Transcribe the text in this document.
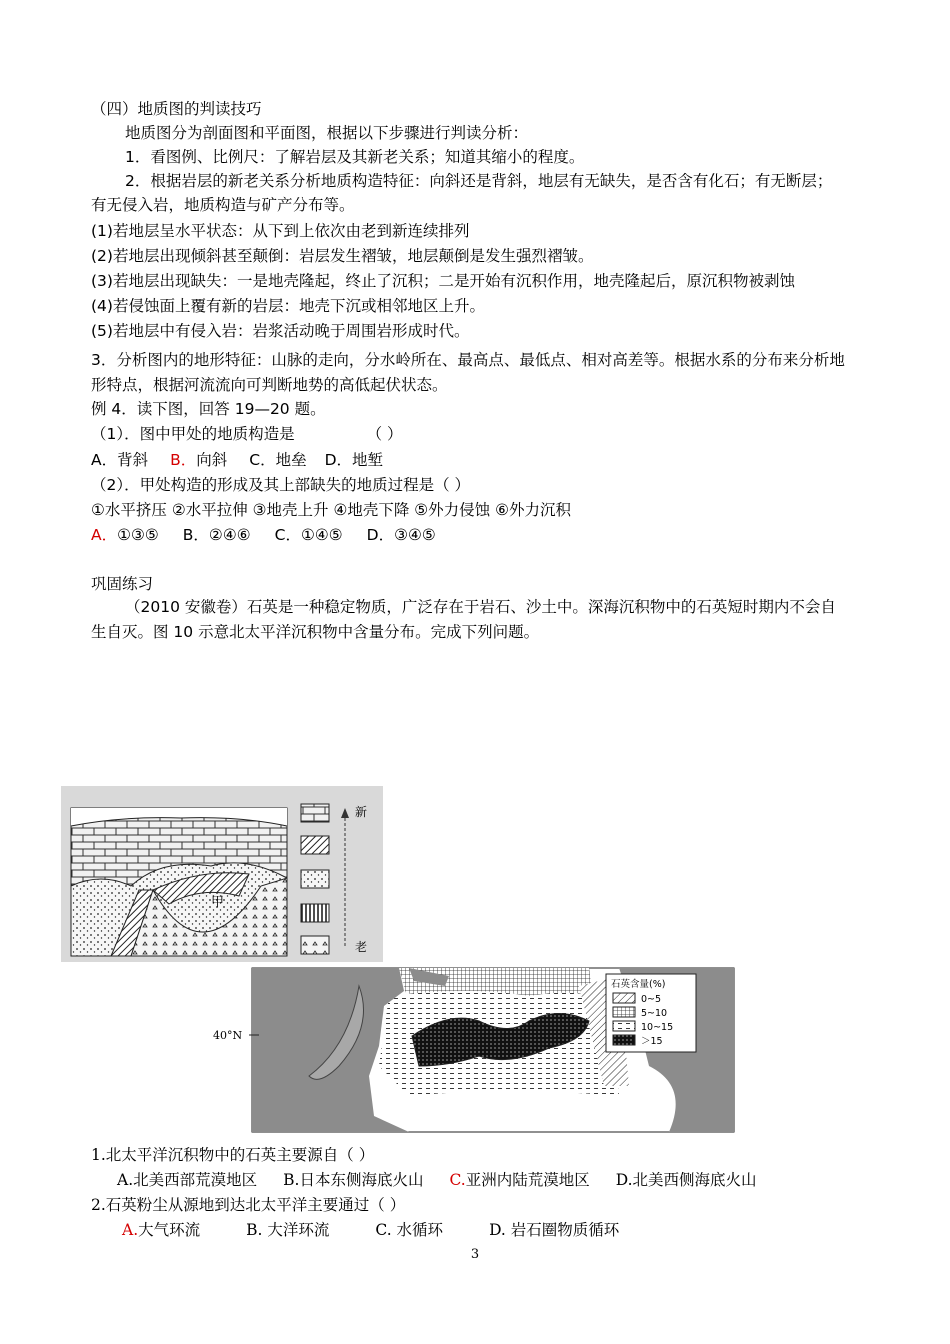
（四）地质图的判读技巧
地质图分为剖面图和平面图，根据以下步骤进行判读分析：
1．看图例、比例尺：了解岩层及其新老关系；知道其缩小的程度。
2．根据岩层的新老关系分析地质构造特征：向斜还是背斜，地层有无缺失，是否含有化石；有无断层；
有无侵入岩，地质构造与矿产分布等。
(1)若地层呈水平状态：从下到上依次由老到新连续排列
(2)若地层出现倾斜甚至颠倒：岩层发生褶皱，地层颠倒是发生强烈褶皱。
(3)若地层出现缺失：一是地壳隆起，终止了沉积；二是开始有沉积作用，地壳隆起后，原沉积物被剥蚀
(4)若侵蚀面上覆有新的岩层：地壳下沉或相邻地区上升。
(5)若地层中有侵入岩：岩浆活动晚于周围岩形成时代。
3．分析图内的地形特征：山脉的走向，分水岭所在、最高点、最低点、相对高差等。根据水系的分布来分析地
形特点，根据河流流向可判断地势的高低起伏状态。
例 4．读下图，回答 19—20 题。
（1）．图中甲处的地质构造是	（ ）
A．背斜 B．向斜 C．地垒 D．地堑
（2）．甲处构造的形成及其上部缺失的地质过程是（ ）
①水平挤压 ②水平拉伸 ③地壳上升 ④地壳下降 ⑤外力侵蚀 ⑥外力沉积
A．①③⑤ B．②④⑥ C．①④⑤ D．③④⑤
巩固练习
（2010 安徽卷）石英是一种稳定物质，广泛存在于岩石、沙土中。深海沉积物中的石英短时期内不会自
生自灭。图 10 示意北太平洋沉积物中含量分布。完成下列问题。
甲
新
老
40°N
石英含量(%)
0~5
5~10
10~15
＞15
1.北太平洋沉积物中的石英主要源自（ ）
A.北美西部荒漠地区 B.日本东侧海底火山 C.亚洲内陆荒漠地区 D.北美西侧海底火山
2.石英粉尘从源地到达北太平洋主要通过（ ）
A.大气环流	B. 大洋环流	C. 水循环	D. 岩石圈物质循环
3
